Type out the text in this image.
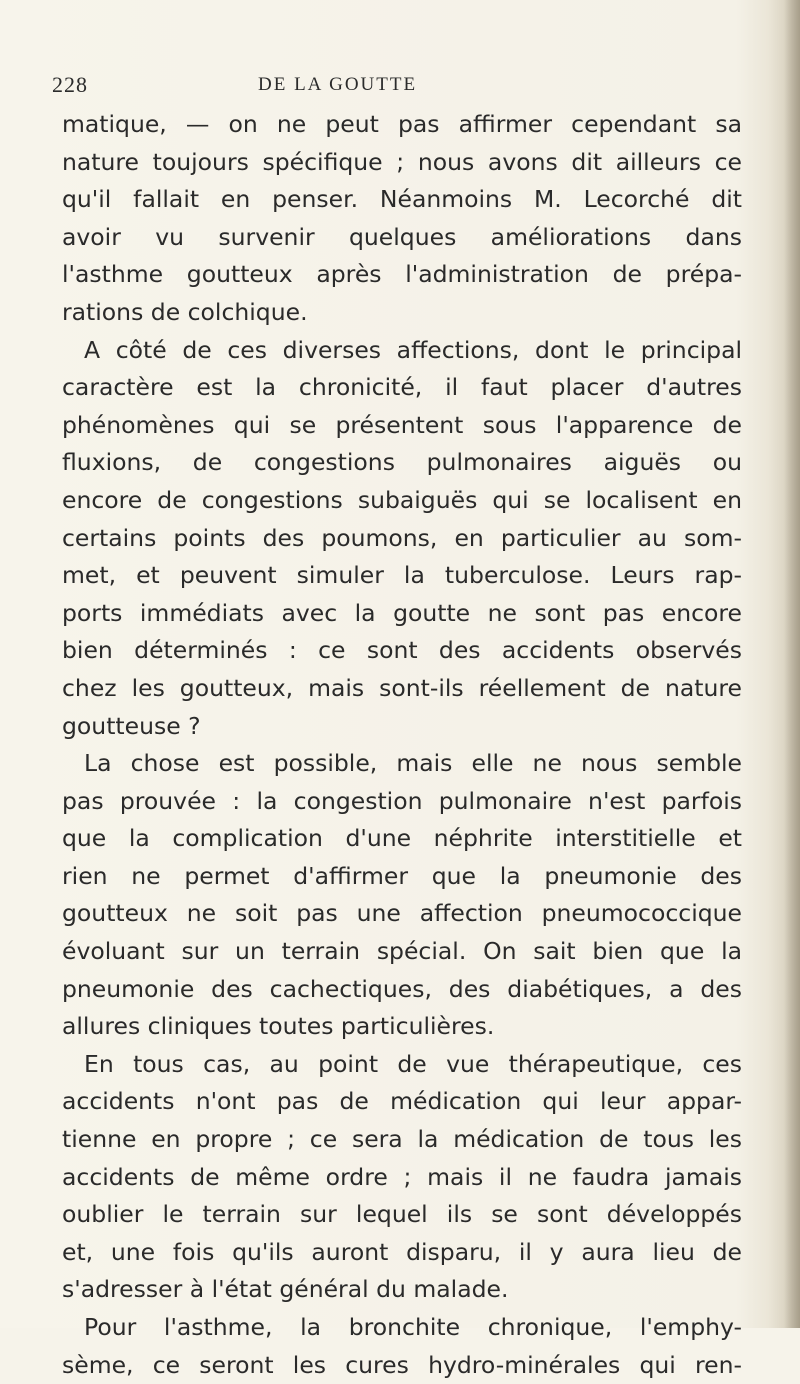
228	DE LA GOUTTE
matique, — on ne peut pas affirmer cependant sa
nature toujours spécifique ; nous avons dit ailleurs ce
qu'il fallait en penser. Néanmoins M. Lecorché dit
avoir vu survenir quelques améliorations dans
l'asthme goutteux après l'administration de prépa-
rations de colchique.
A côté de ces diverses affections, dont le principal
caractère est la chronicité, il faut placer d'autres
phénomènes qui se présentent sous l'apparence de
fluxions, de congestions pulmonaires aiguës ou
encore de congestions subaiguës qui se localisent en
certains points des poumons, en particulier au som-
met, et peuvent simuler la tuberculose. Leurs rap-
ports immédiats avec la goutte ne sont pas encore
bien déterminés : ce sont des accidents observés
chez les goutteux, mais sont-ils réellement de nature
goutteuse ?
La chose est possible, mais elle ne nous semble
pas prouvée : la congestion pulmonaire n'est parfois
que la complication d'une néphrite interstitielle et
rien ne permet d'affirmer que la pneumonie des
goutteux ne soit pas une affection pneumococcique
évoluant sur un terrain spécial. On sait bien que la
pneumonie des cachectiques, des diabétiques, a des
allures cliniques toutes particulières.
En tous cas, au point de vue thérapeutique, ces
accidents n'ont pas de médication qui leur appar-
tienne en propre ; ce sera la médication de tous les
accidents de même ordre ; mais il ne faudra jamais
oublier le terrain sur lequel ils se sont développés
et, une fois qu'ils auront disparu, il y aura lieu de
s'adresser à l'état général du malade.
Pour l'asthme, la bronchite chronique, l'emphy-
sème, ce seront les cures hydro-minérales qui ren-
